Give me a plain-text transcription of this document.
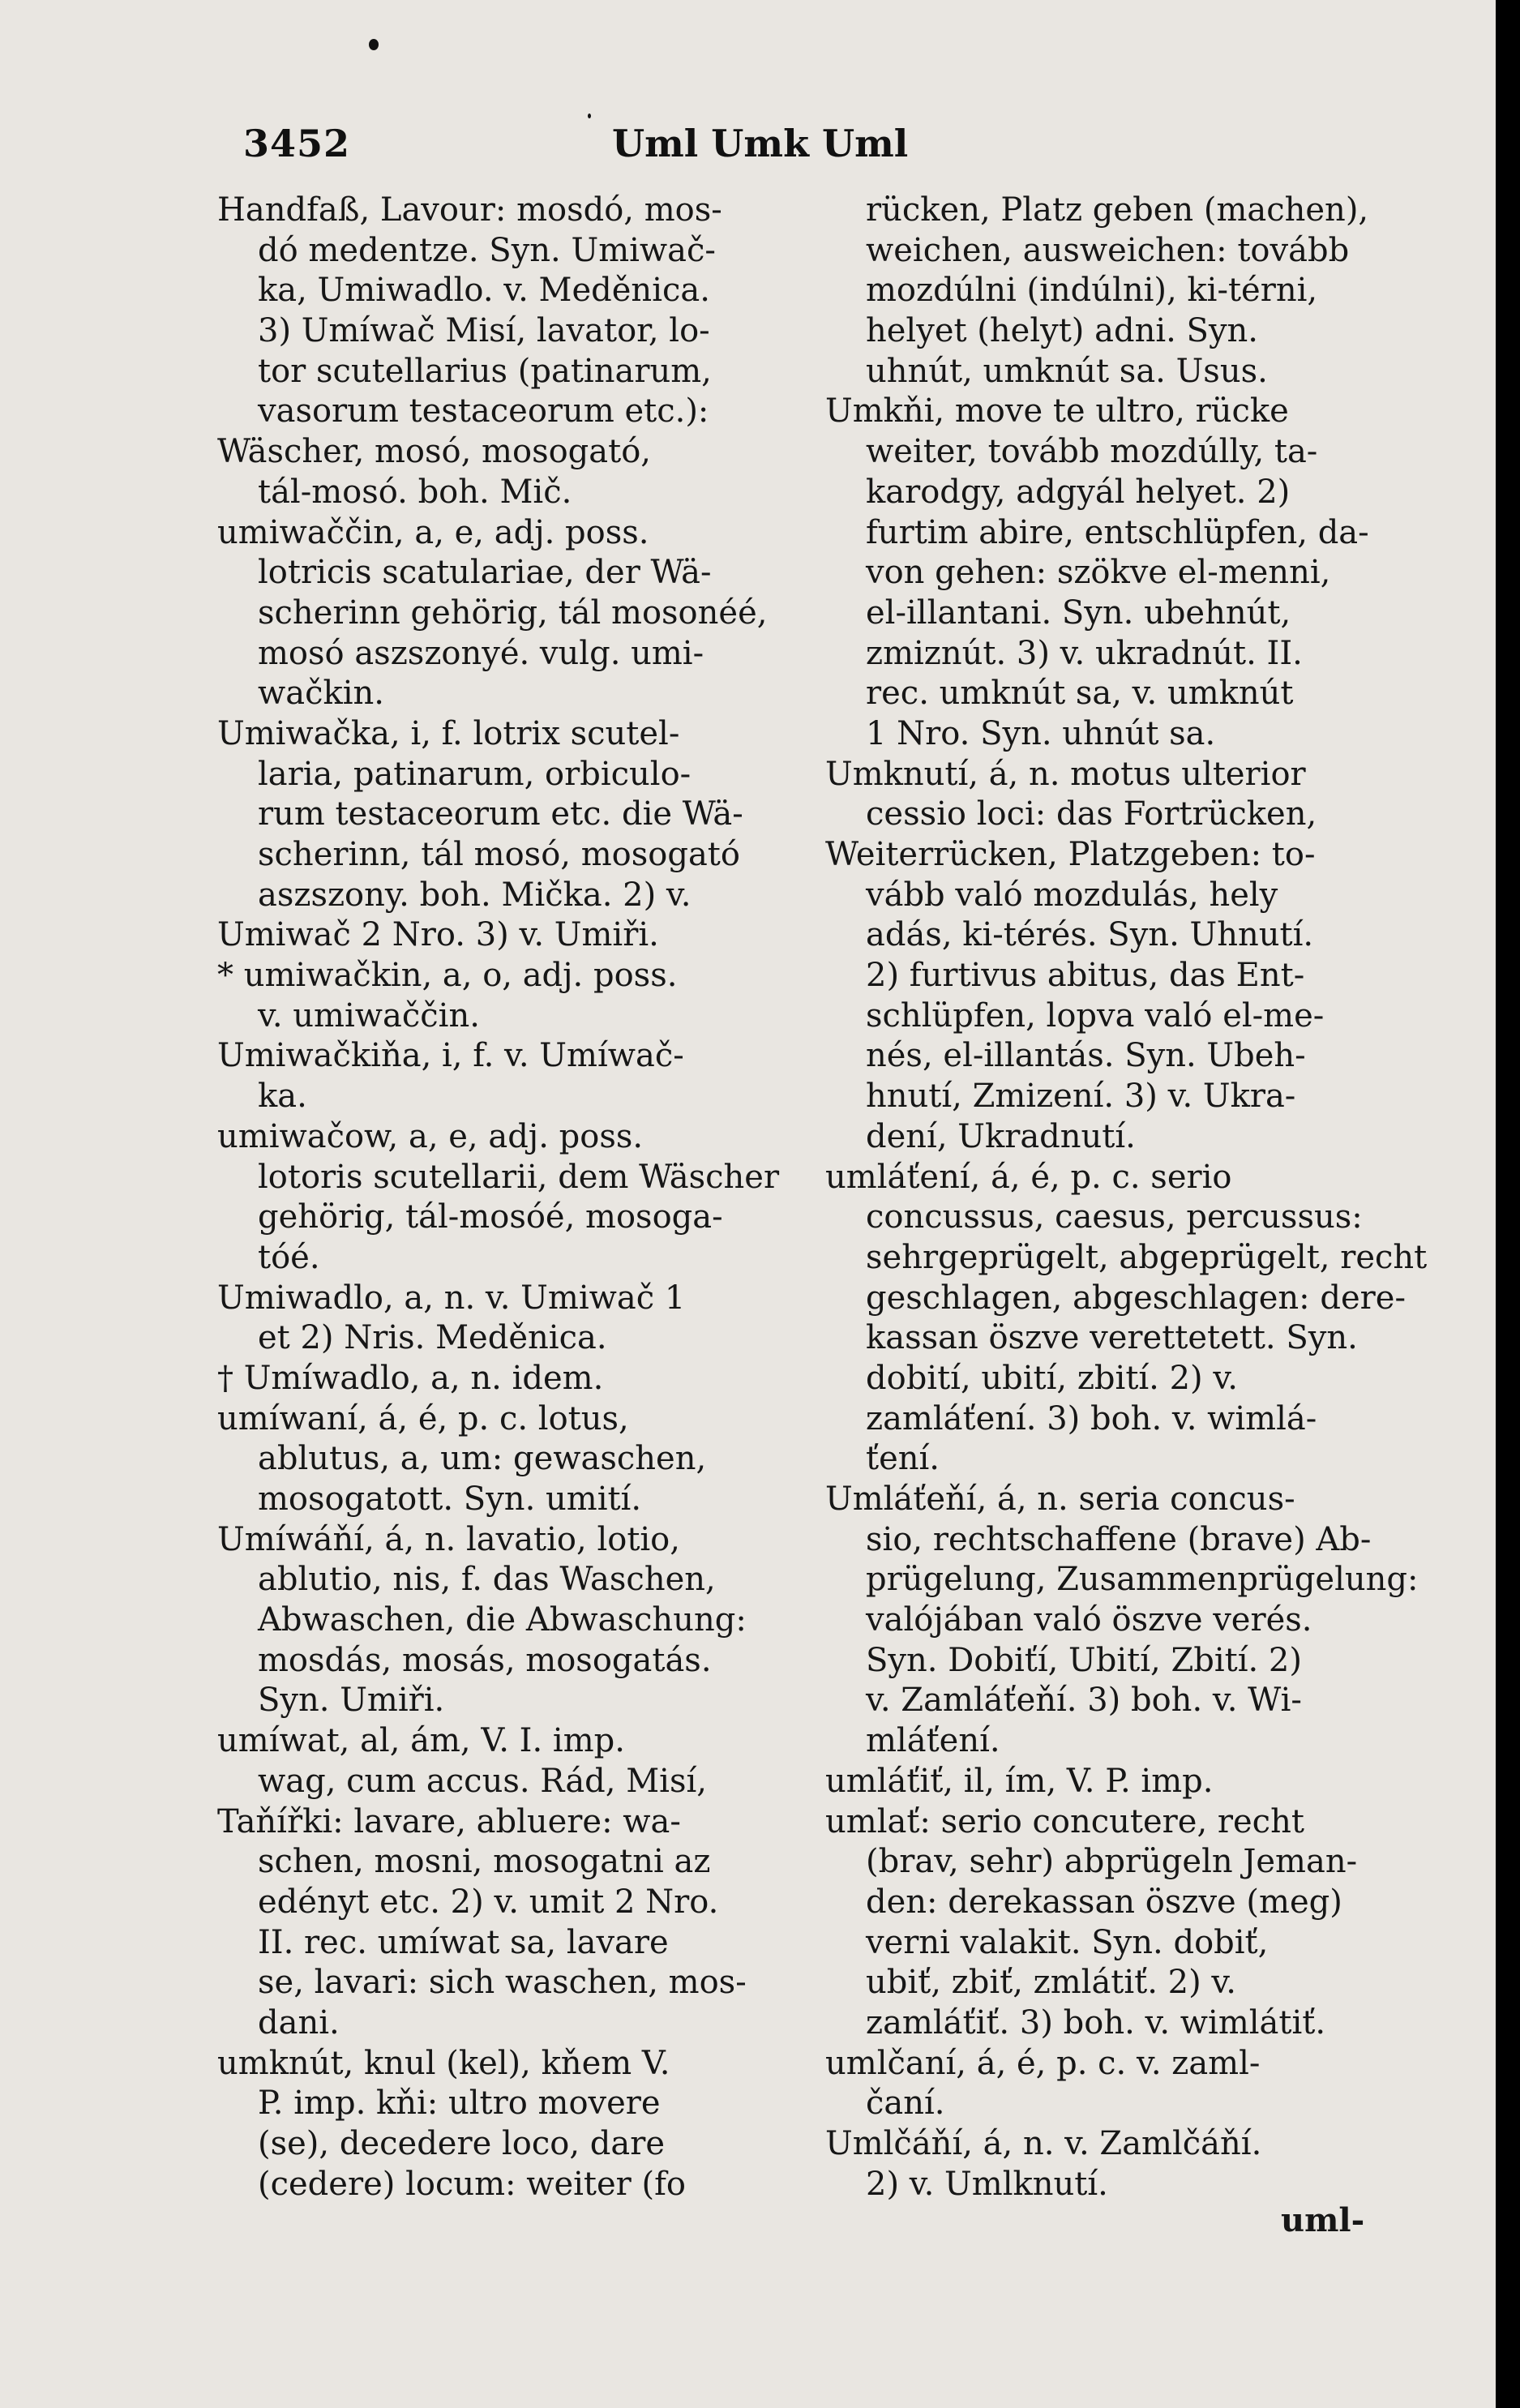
3452	Uml Umk Uml
Handfaß, Lavour: mosdó, mos-
dó medentze. Syn. Umiwač-
ka, Umiwadlo. v. Meděnica.
3) Umíwač Misí, lavator, lo-
tor scutellarius (patinarum,
vasorum testaceorum etc.):
Wäscher, mosó, mosogató,
tál-mosó. boh. Mič.
umiwaččin, a, e, adj. poss.
lotricis scatulariae, der Wä-
scherinn gehörig, tál mosonéé,
mosó aszszonyé. vulg. umi-
wačkin.
Umiwačka, i, f. lotrix scutel-
laria, patinarum, orbiculo-
rum testaceorum etc. die Wä-
scherinn, tál mosó, mosogató
aszszony. boh. Mička. 2) v.
Umiwač 2 Nro. 3) v. Umiři.
* umiwačkin, a, o, adj. poss.
v. umiwaččin.
Umiwačkiňa, i, f. v. Umíwač-
ka.
umiwačow, a, e, adj. poss.
lotoris scutellarii, dem Wäscher
gehörig, tál-mosóé, mosoga-
tóé.
Umiwadlo, a, n. v. Umiwač 1
et 2) Nris. Meděnica.
† Umíwadlo, a, n. idem.
umíwaní, á, é, p. c. lotus,
ablutus, a, um: gewaschen,
mosogatott. Syn. umití.
Umíwáňí, á, n. lavatio, lotio,
ablutio, nis, f. das Waschen,
Abwaschen, die Abwaschung:
mosdás, mosás, mosogatás.
Syn. Umiři.
umíwat, al, ám, V. I. imp.
wag, cum accus. Rád, Misí,
Taňířki: lavare, abluere: wa-
schen, mosni, mosogatni az
edényt etc. 2) v. umit 2 Nro.
II. rec. umíwat sa, lavare
se, lavari: sich waschen, mos-
dani.
umknút, knul (kel), kňem V.
P. imp. kňi: ultro movere
(se), decedere loco, dare
(cedere) locum: weiter (fo
rücken, Platz geben (machen),
weichen, ausweichen: tovább
mozdúlni (indúlni), ki-térni,
helyet (helyt) adni. Syn.
uhnút, umknút sa. Usus.
Umkňi, move te ultro, rücke
weiter, tovább mozdúlly, ta-
karodgy, adgyál helyet. 2)
furtim abire, entschlüpfen, da-
von gehen: szökve el-menni,
el-illantani. Syn. ubehnút,
zmiznút. 3) v. ukradnút. II.
rec. umknút sa, v. umknút
1 Nro. Syn. uhnút sa.
Umknutí, á, n. motus ulterior
cessio loci: das Fortrücken,
Weiterrücken, Platzgeben: to-
vább való mozdulás, hely
adás, ki-térés. Syn. Uhnutí.
2) furtivus abitus, das Ent-
schlüpfen, lopva való el-me-
nés, el-illantás. Syn. Ubeh-
hnutí, Zmizení. 3) v. Ukra-
dení, Ukradnutí.
umláťení, á, é, p. c. serio
concussus, caesus, percussus:
sehrgeprügelt, abgeprügelt, recht
geschlagen, abgeschlagen: dere-
kassan öszve verettetett. Syn.
dobití, ubití, zbití. 2) v.
zamláťení. 3) boh. v. wimlá-
ťení.
Umláťeňí, á, n. seria concus-
sio, rechtschaffene (brave) Ab-
prügelung, Zusammenprügelung:
valójában való öszve verés.
Syn. Dobiťí, Ubití, Zbití. 2)
v. Zamláťeňí. 3) boh. v. Wi-
mláťení.
umláťiť, il, ím, V. P. imp.
umlať: serio concutere, recht
(brav, sehr) abprügeln Jeman-
den: derekassan öszve (meg)
verni valakit. Syn. dobiť,
ubiť, zbiť, zmlátiť. 2) v.
zamláťiť. 3) boh. v. wimlátiť.
umlčaní, á, é, p. c. v. zaml-
čaní.
Umlčáňí, á, n. v. Zamlčáňí.
2) v. Umlknutí.
uml-
